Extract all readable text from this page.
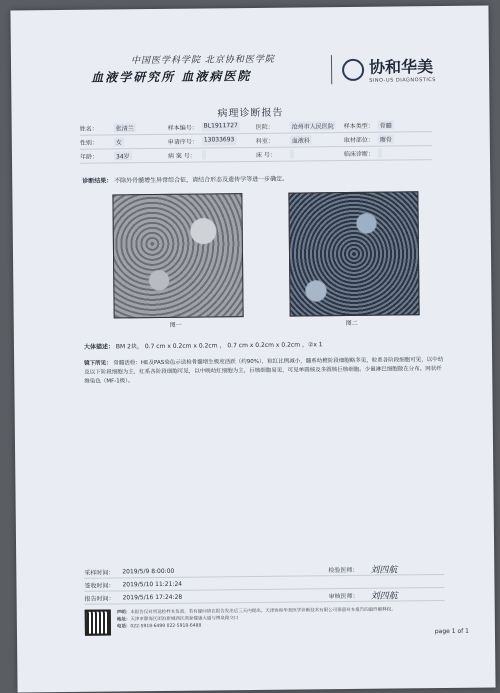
中国医学科学院 北京协和医学院
血液学研究所 血液病医院
协和华美
SINO-US DIAGNOSTICS
病理诊断报告
姓名：	张清兰	样本编号： BL1911727	医院：	沧州市人民医院	样本类型： 骨髓
性别：	女	申请序号： 13033693	科室：	血液科	取材部位： 髂骨
年龄：	34岁	病 案 号：	床 号：	临床诊断：
诊断结果： 不除外骨髓增生异常综合征，请结合形态及遗传学等进一步确定。
图一	图二
大体描述： BM 2块， 0.7 cm x 0.2cm x 0.2cm ， 0.7 cm x 0.2cm x 0.2cm ，②x 1
镜下所见： 骨髓活检：HE及PAS染色示送检骨髓增生极度活跃（约90%），粒红比例减小，髓系幼稚阶段细胞略多见，粒系各阶段细胞可见，以中幼及以下阶段细胞为主，红系各阶段细胞可见，以中晚幼红细胞为主，巨核细胞易见，可见单圆核及多圆核巨核细胞。少量淋巴细胞散在分布。网状纤维染色（MF-1级）。
采样时间：	2019/5/9 8:00:00	检验医师：	刘四航
签收时间：	2019/5/10 11:21:24
报告时间：	2019/5/16 17:24:28	审核医师：	刘四航
声明：本报告仅对所送检样本负责，若有疑问请在报告发出后三天内提出。天津协和华美医学诊断技术有限公司保留对本报告的最终解释权。
地址：天津市静海区团泊新城西区鸿泰健康大道与博泉路交口
电话：022-5918-6499 022-5918-6488
page 1 of 1
